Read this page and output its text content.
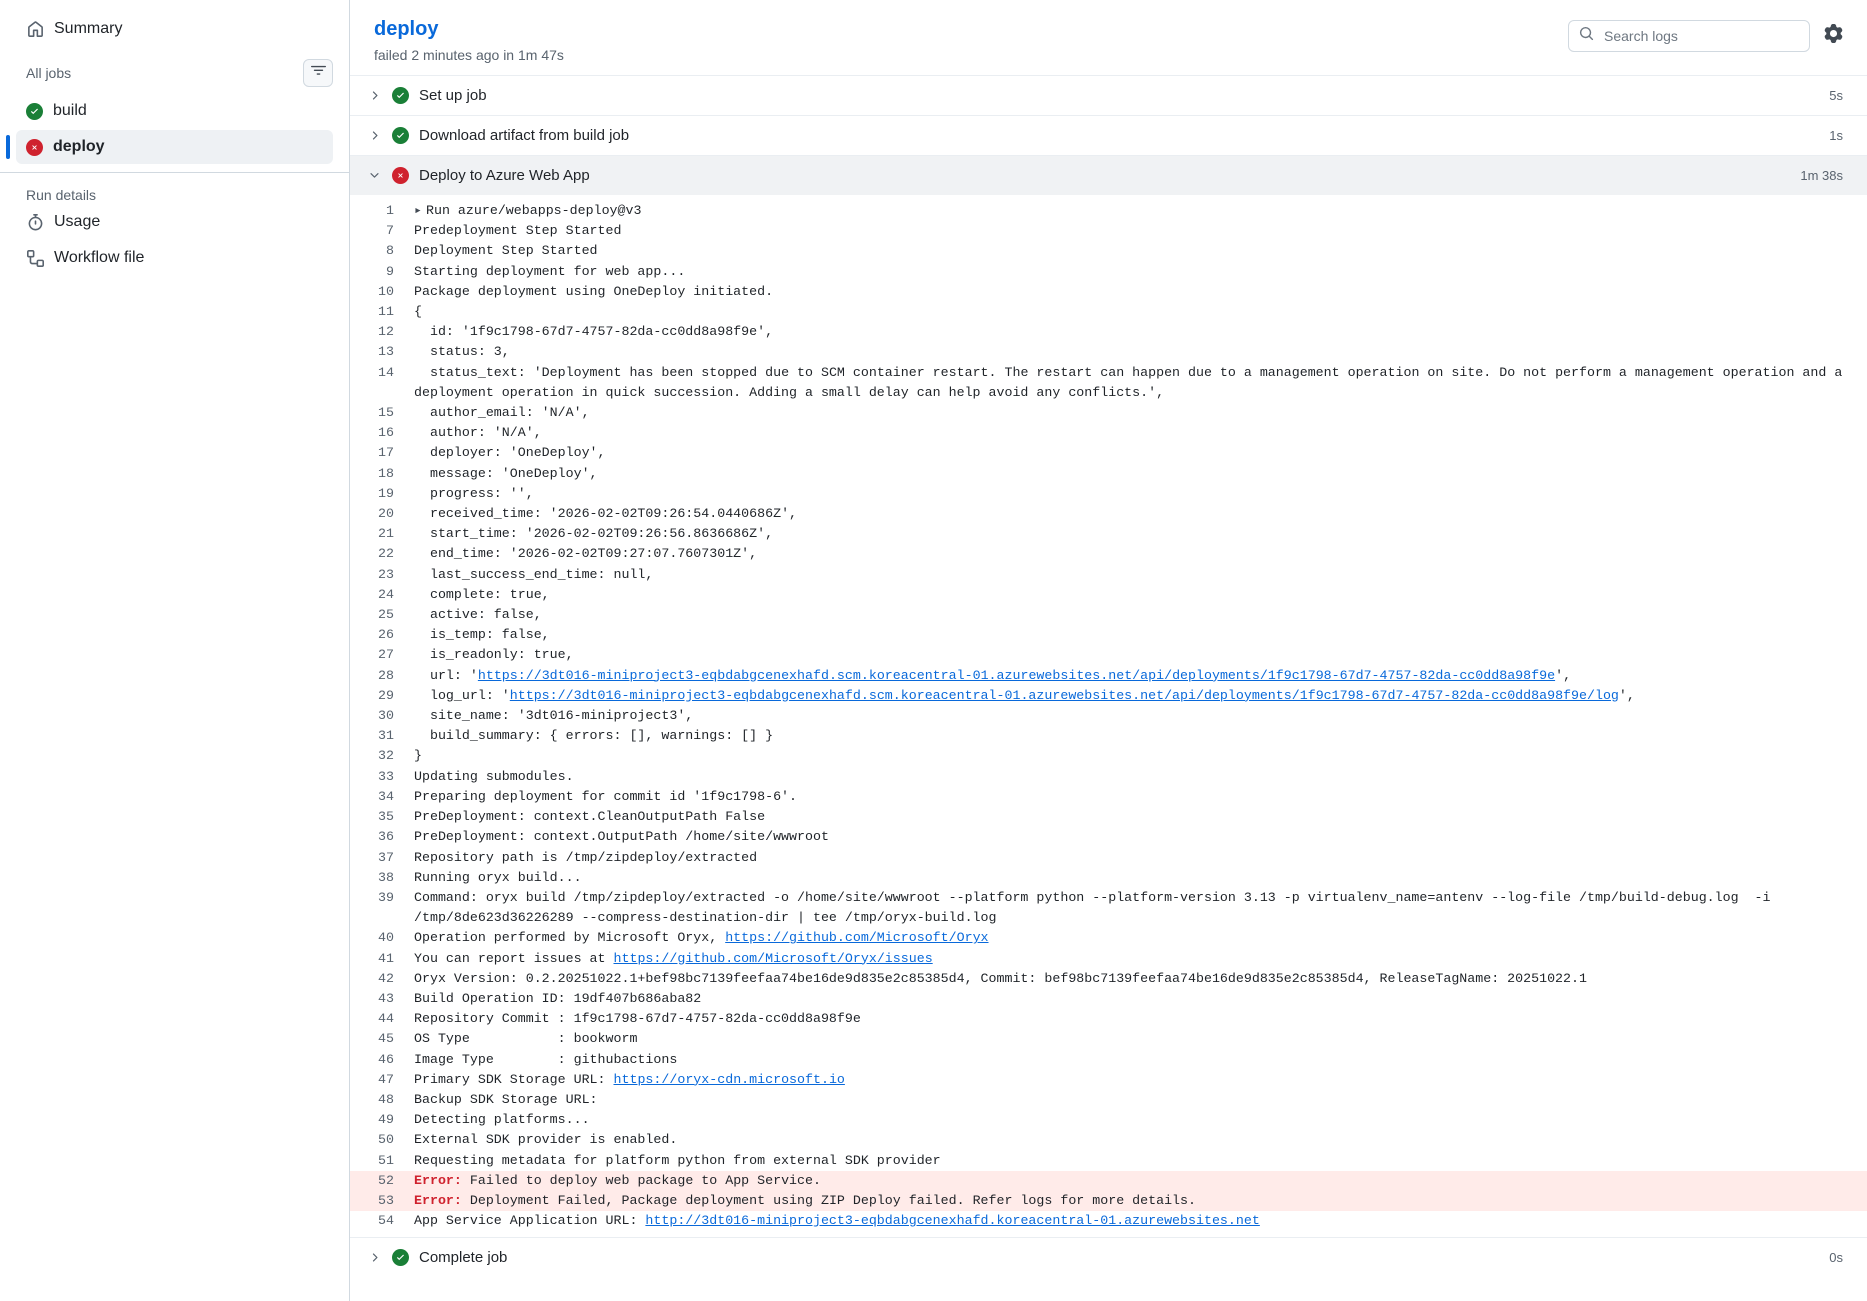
Summary
All jobs
build
deploy
Run details
Usage
Workflow file
deploy
failed 2 minutes ago in 1m 47s
Search logs
Set up job	5s
Download artifact from build job	1s
Deploy to Azure Web App	1m 38s
1	▸ Run azure/webapps-deploy@v3
7	Predeployment Step Started
8	Deployment Step Started
9	Starting deployment for web app...
10	Package deployment using OneDeploy initiated.
11	{
12	id: '1f9c1798-67d7-4757-82da-cc0dd8a98f9e',
13	status: 3,
14	status_text: 'Deployment has been stopped due to SCM container restart. The restart can happen due to a management operation on site. Do not perform a management operation and a deployment operation in quick succession. Adding a small delay can help avoid any conflicts.',
15	author_email: 'N/A',
16	author: 'N/A',
17	deployer: 'OneDeploy',
18	message: 'OneDeploy',
19	progress: '',
20	received_time: '2026-02-02T09:26:54.0440686Z',
21	start_time: '2026-02-02T09:26:56.8636686Z',
22	end_time: '2026-02-02T09:27:07.7607301Z',
23	last_success_end_time: null,
24	complete: true,
25	active: false,
26	is_temp: false,
27	is_readonly: true,
28	url: 'https://3dt016-miniproject3-eqbdabgcenexhafd.scm.koreacentral-01.azurewebsites.net/api/deployments/1f9c1798-67d7-4757-82da-cc0dd8a98f9e',
29	log_url: 'https://3dt016-miniproject3-eqbdabgcenexhafd.scm.koreacentral-01.azurewebsites.net/api/deployments/1f9c1798-67d7-4757-82da-cc0dd8a98f9e/log',
30	site_name: '3dt016-miniproject3',
31	build_summary: { errors: [], warnings: [] }
32	}
33	Updating submodules.
34	Preparing deployment for commit id '1f9c1798-6'.
35	PreDeployment: context.CleanOutputPath False
36	PreDeployment: context.OutputPath /home/site/wwwroot
37	Repository path is /tmp/zipdeploy/extracted
38	Running oryx build...
39	Command: oryx build /tmp/zipdeploy/extracted -o /home/site/wwwroot --platform python --platform-version 3.13 -p virtualenv_name=antenv --log-file /tmp/build-debug.log  -i /tmp/8de623d36226289 --compress-destination-dir | tee /tmp/oryx-build.log
40	Operation performed by Microsoft Oryx, https://github.com/Microsoft/Oryx
41	You can report issues at https://github.com/Microsoft/Oryx/issues
42	Oryx Version: 0.2.20251022.1+bef98bc7139feefaa74be16de9d835e2c85385d4, Commit: bef98bc7139feefaa74be16de9d835e2c85385d4, ReleaseTagName: 20251022.1
43	Build Operation ID: 19df407b686aba82
44	Repository Commit : 1f9c1798-67d7-4757-82da-cc0dd8a98f9e
45	OS Type           : bookworm
46	Image Type        : githubactions
47	Primary SDK Storage URL: https://oryx-cdn.microsoft.io
48	Backup SDK Storage URL:
49	Detecting platforms...
50	External SDK provider is enabled.
51	Requesting metadata for platform python from external SDK provider
52	Error: Failed to deploy web package to App Service.
53	Error: Deployment Failed, Package deployment using ZIP Deploy failed. Refer logs for more details.
54	App Service Application URL: http://3dt016-miniproject3-eqbdabgcenexhafd.koreacentral-01.azurewebsites.net
Complete job	0s
